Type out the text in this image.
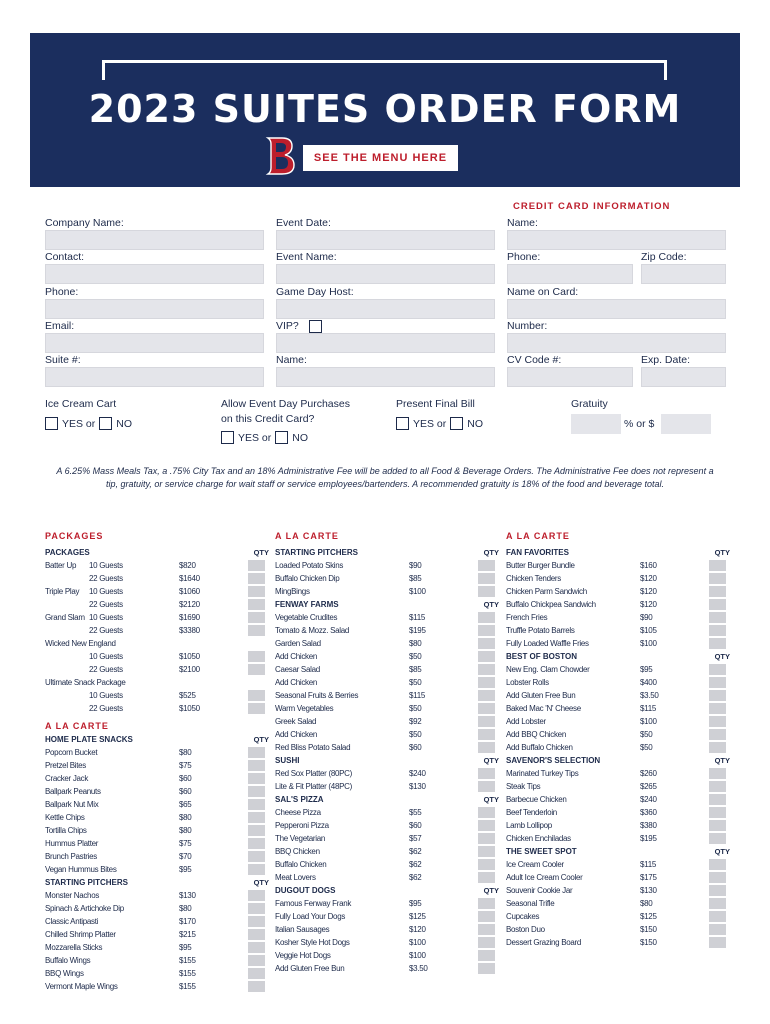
2023 SUITES ORDER FORM
SEE THE MENU HERE
CREDIT CARD INFORMATION
Company Name:	Event Date:	Name:
Contact:	Event Name:	Phone:	Zip Code:
Phone:	Game Day Host:	Name on Card:
Email:	VIP?	Number:
Suite #:	Name:	CV Code #:	Exp. Date:
Ice Cream Cart
YES or NO
Allow Event Day Purchases
on this Credit Card?
YES or NO
Present Final Bill
YES or NO
Gratuity
% or $
A 6.25% Mass Meals Tax, a .75% City Tax and an 18% Administrative Fee will be added to all Food & Beverage Orders. The Administrative Fee does not represent a tip, gratuity, or service charge for wait staff or service employees/bartenders. A recommended gratuity is 18% of the food and beverage total.
PACKAGES
PACKAGES	QTY
Batter Up 10 Guests	$820
22 Guests	$1640
Triple Play 10 Guests	$1060
22 Guests	$2120
Grand Slam 10 Guests	$1690
22 Guests	$3380
Wicked New England
10 Guests	$1050
22 Guests	$2100
Ultimate Snack Package
10 Guests	$525
22 Guests	$1050
A LA CARTE
HOME PLATE SNACKS	QTY
Popcorn Bucket	$80
Pretzel Bites	$75
Cracker Jack	$60
Ballpark Peanuts	$60
Ballpark Nut Mix	$65
Kettle Chips	$80
Tortilla Chips	$80
Hummus Platter	$75
Brunch Pastries	$70
Vegan Hummus Bites	$95
STARTING PITCHERS	QTY
Monster Nachos	$130
Spinach & Artichoke Dip	$80
Classic Antipasti	$170
Chilled Shrimp Platter	$215
Mozzarella Sticks	$95
Buffalo Wings	$155
BBQ Wings	$155
Vermont Maple Wings	$155
A LA CARTE
STARTING PITCHERS	QTY
Loaded Potato Skins	$90
Buffalo Chicken Dip	$85
MingBings	$100
FENWAY FARMS	QTY
Vegetable Crudites	$115
Tomato & Mozz. Salad	$195
Garden Salad	$80
Add Chicken	$50
Caesar Salad	$85
Add Chicken	$50
Seasonal Fruits & Berries	$115
Warm Vegetables	$50
Greek Salad	$92
Add Chicken	$50
Red Bliss Potato Salad	$60
SUSHI	QTY
Red Sox Platter (80PC)	$240
Lite & Fit Platter (48PC)	$130
SAL'S PIZZA	QTY
Cheese Pizza	$55
Pepperoni Pizza	$60
The Vegetarian	$57
BBQ Chicken	$62
Buffalo Chicken	$62
Meat Lovers	$62
DUGOUT DOGS	QTY
Famous Fenway Frank	$95
Fully Load Your Dogs	$125
Italian Sausages	$120
Kosher Style Hot Dogs	$100
Veggie Hot Dogs	$100
Add Gluten Free Bun	$3.50
A LA CARTE
FAN FAVORITES	QTY
Butter Burger Bundle	$160
Chicken Tenders	$120
Chicken Parm Sandwich	$120
Buffalo Chickpea Sandwich	$120
French Fries	$90
Truffle Potato Barrels	$105
Fully Loaded Waffle Fries	$100
BEST OF BOSTON	QTY
New Eng. Clam Chowder	$95
Lobster Rolls	$400
Add Gluten Free Bun	$3.50
Baked Mac 'N' Cheese	$115
Add Lobster	$100
Add BBQ Chicken	$50
Add Buffalo Chicken	$50
SAVENOR'S SELECTION	QTY
Marinated Turkey Tips	$260
Steak Tips	$265
Barbecue Chicken	$240
Beef Tenderloin	$360
Lamb Lollipop	$380
Chicken Enchiladas	$195
THE SWEET SPOT	QTY
Ice Cream Cooler	$115
Adult Ice Cream Cooler	$175
Souvenir Cookie Jar	$130
Seasonal Trifle	$80
Cupcakes	$125
Boston Duo	$150
Dessert Grazing Board	$150
